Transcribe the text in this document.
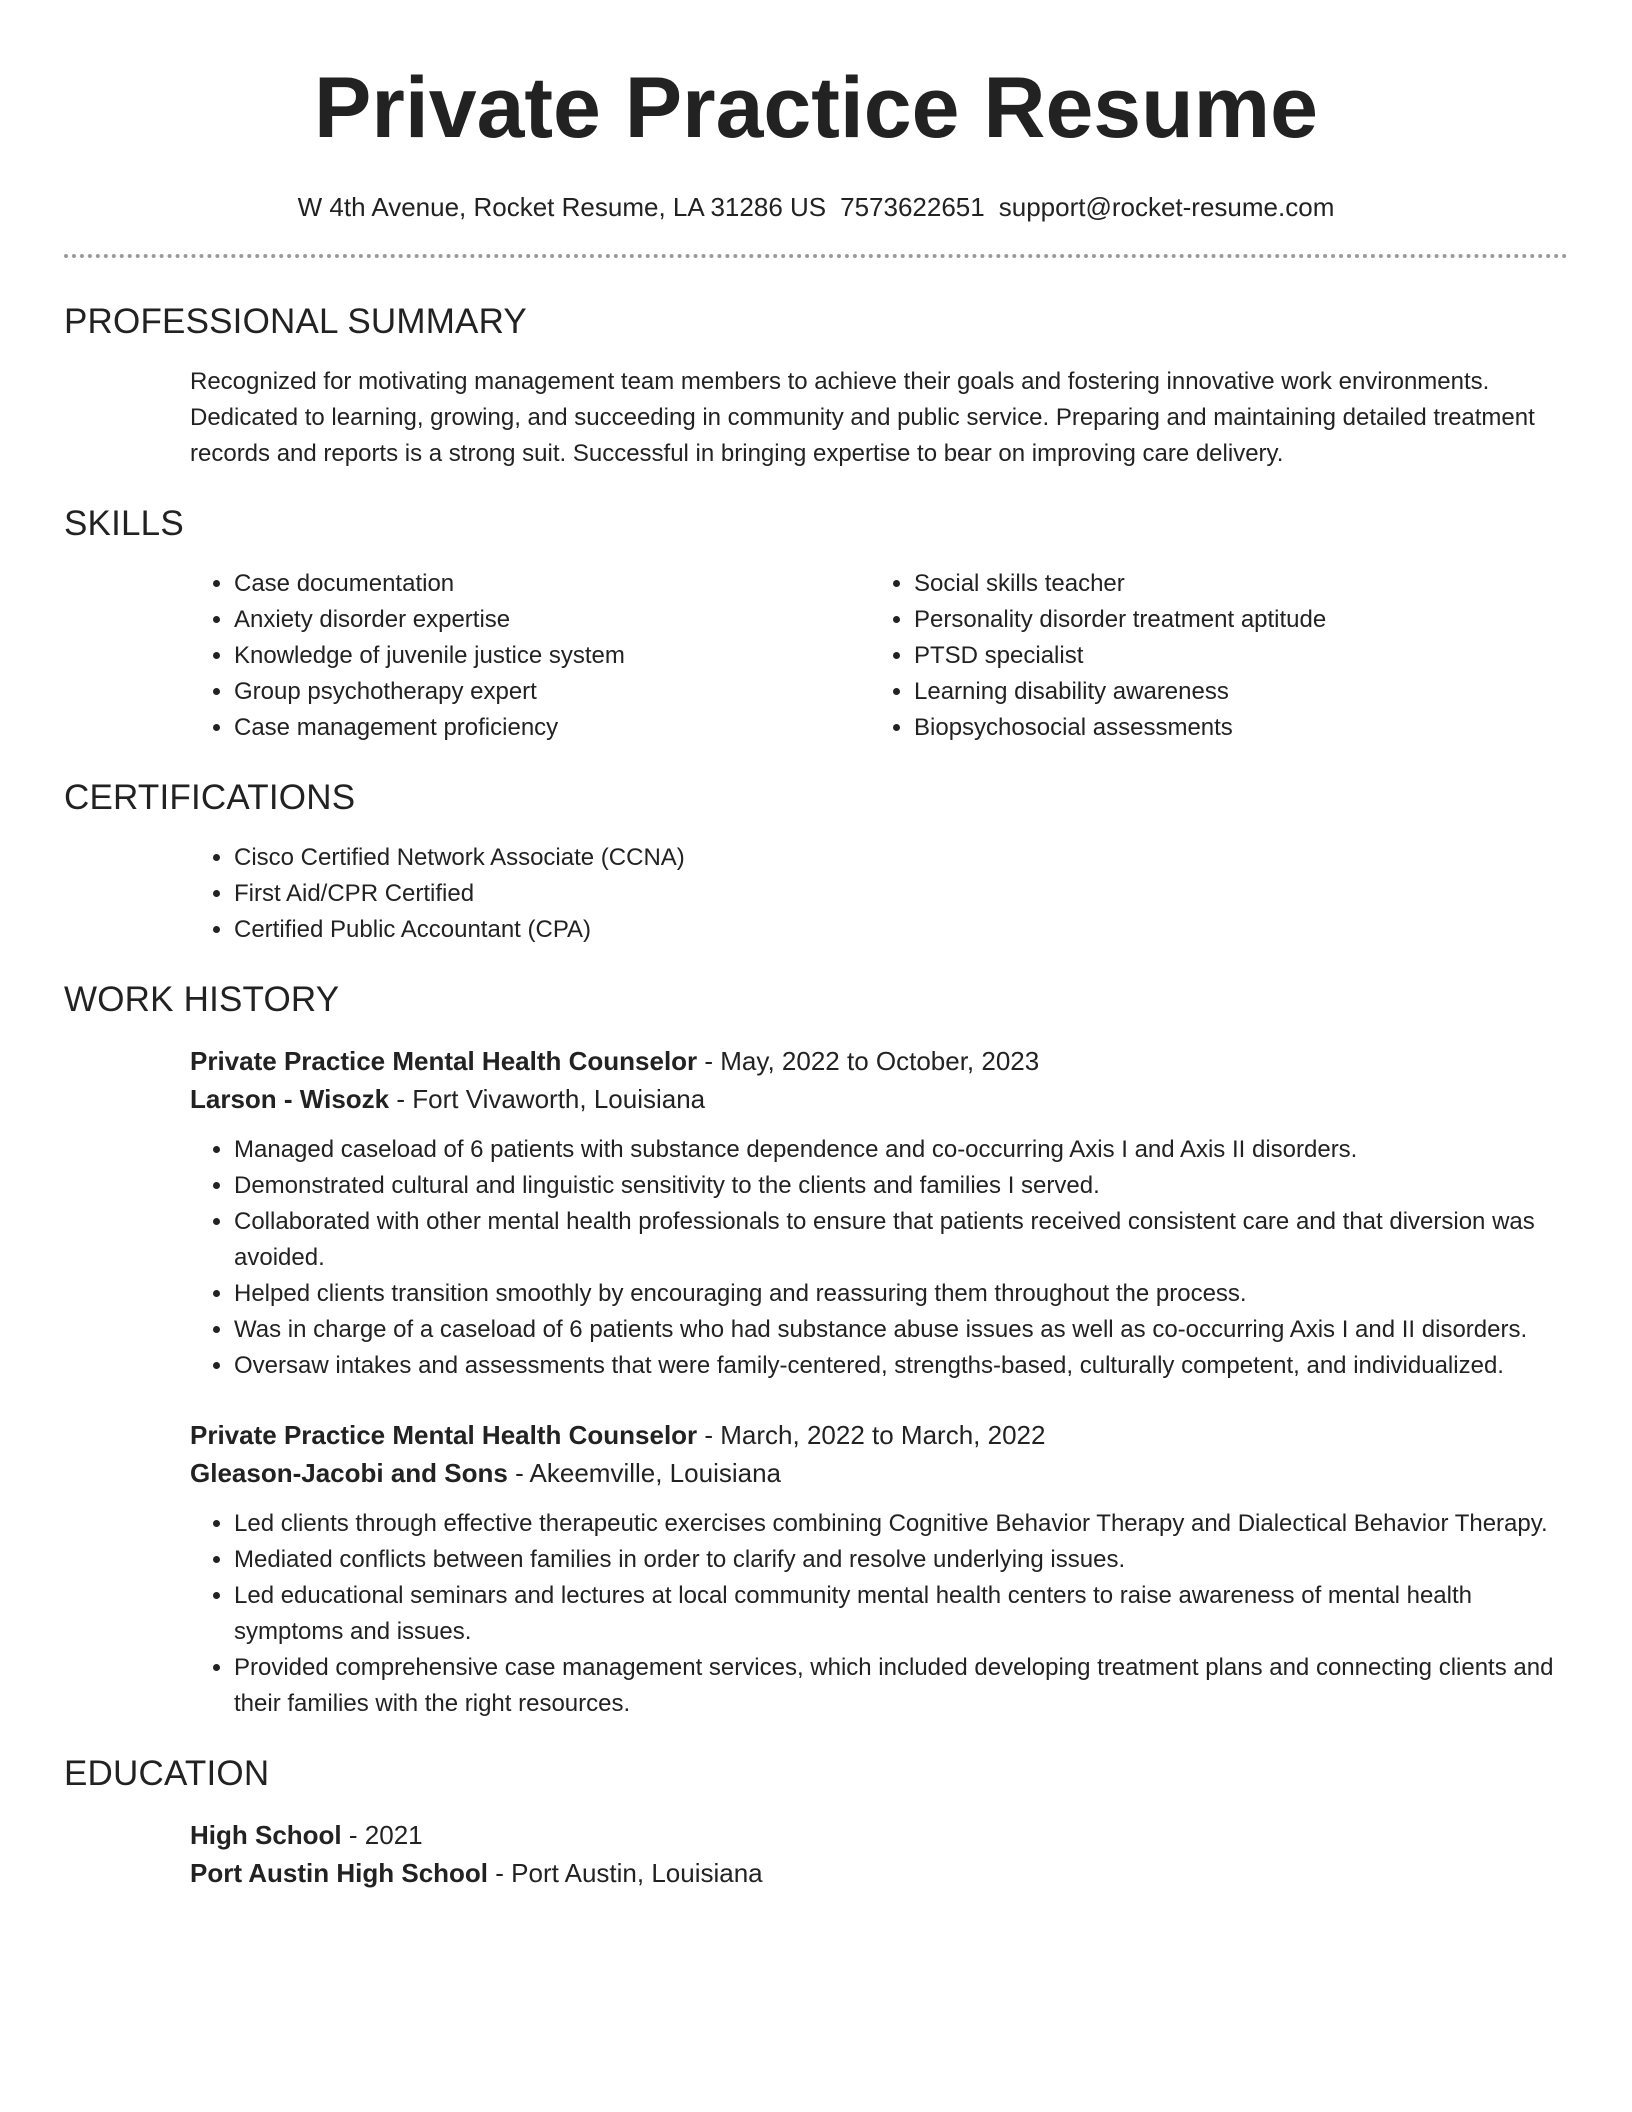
Private Practice Resume
W 4th Avenue, Rocket Resume, LA 31286 US 7573622651 support@rocket-resume.com
PROFESSIONAL SUMMARY
Recognized for motivating management team members to achieve their goals and fostering innovative work environments. Dedicated to learning, growing, and succeeding in community and public service. Preparing and maintaining detailed treatment records and reports is a strong suit. Successful in bringing expertise to bear on improving care delivery.
SKILLS
• Case documentation
• Anxiety disorder expertise
• Knowledge of juvenile justice system
• Group psychotherapy expert
• Case management proficiency
• Social skills teacher
• Personality disorder treatment aptitude
• PTSD specialist
• Learning disability awareness
• Biopsychosocial assessments
CERTIFICATIONS
• Cisco Certified Network Associate (CCNA)
• First Aid/CPR Certified
• Certified Public Accountant (CPA)
WORK HISTORY
Private Practice Mental Health Counselor - May, 2022 to October, 2023
Larson - Wisozk - Fort Vivaworth, Louisiana
• Managed caseload of 6 patients with substance dependence and co-occurring Axis I and Axis II disorders.
• Demonstrated cultural and linguistic sensitivity to the clients and families I served.
• Collaborated with other mental health professionals to ensure that patients received consistent care and that diversion was avoided.
• Helped clients transition smoothly by encouraging and reassuring them throughout the process.
• Was in charge of a caseload of 6 patients who had substance abuse issues as well as co-occurring Axis I and II disorders.
• Oversaw intakes and assessments that were family-centered, strengths-based, culturally competent, and individualized.
Private Practice Mental Health Counselor - March, 2022 to March, 2022
Gleason-Jacobi and Sons - Akeemville, Louisiana
• Led clients through effective therapeutic exercises combining Cognitive Behavior Therapy and Dialectical Behavior Therapy.
• Mediated conflicts between families in order to clarify and resolve underlying issues.
• Led educational seminars and lectures at local community mental health centers to raise awareness of mental health symptoms and issues.
• Provided comprehensive case management services, which included developing treatment plans and connecting clients and their families with the right resources.
EDUCATION
High School - 2021
Port Austin High School - Port Austin, Louisiana
